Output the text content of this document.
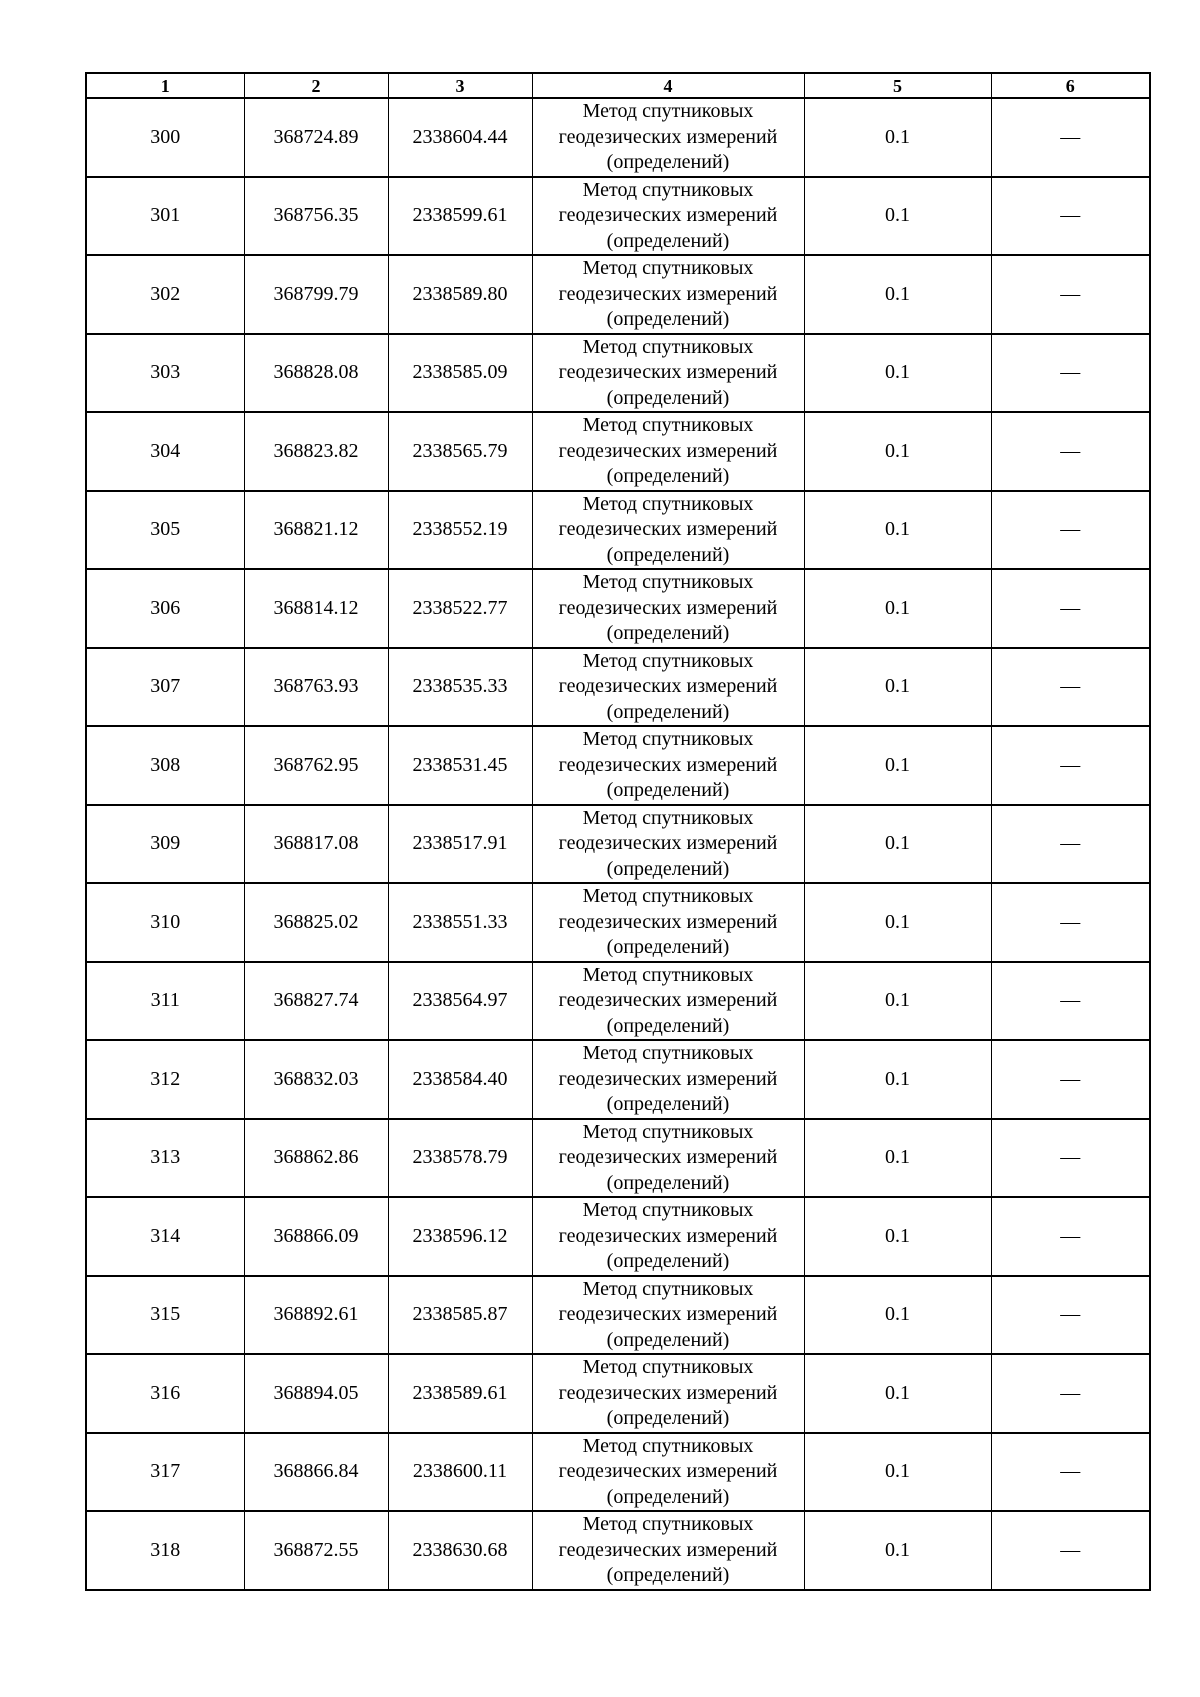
1	2	3	4	5	6
300	368724.89	2338604.44	Метод спутниковых
геодезических измерений
(определений)	0.1	—
301	368756.35	2338599.61	Метод спутниковых
геодезических измерений
(определений)	0.1	—
302	368799.79	2338589.80	Метод спутниковых
геодезических измерений
(определений)	0.1	—
303	368828.08	2338585.09	Метод спутниковых
геодезических измерений
(определений)	0.1	—
304	368823.82	2338565.79	Метод спутниковых
геодезических измерений
(определений)	0.1	—
305	368821.12	2338552.19	Метод спутниковых
геодезических измерений
(определений)	0.1	—
306	368814.12	2338522.77	Метод спутниковых
геодезических измерений
(определений)	0.1	—
307	368763.93	2338535.33	Метод спутниковых
геодезических измерений
(определений)	0.1	—
308	368762.95	2338531.45	Метод спутниковых
геодезических измерений
(определений)	0.1	—
309	368817.08	2338517.91	Метод спутниковых
геодезических измерений
(определений)	0.1	—
310	368825.02	2338551.33	Метод спутниковых
геодезических измерений
(определений)	0.1	—
311	368827.74	2338564.97	Метод спутниковых
геодезических измерений
(определений)	0.1	—
312	368832.03	2338584.40	Метод спутниковых
геодезических измерений
(определений)	0.1	—
313	368862.86	2338578.79	Метод спутниковых
геодезических измерений
(определений)	0.1	—
314	368866.09	2338596.12	Метод спутниковых
геодезических измерений
(определений)	0.1	—
315	368892.61	2338585.87	Метод спутниковых
геодезических измерений
(определений)	0.1	—
316	368894.05	2338589.61	Метод спутниковых
геодезических измерений
(определений)	0.1	—
317	368866.84	2338600.11	Метод спутниковых
геодезических измерений
(определений)	0.1	—
318	368872.55	2338630.68	Метод спутниковых
геодезических измерений
(определений)	0.1	—
